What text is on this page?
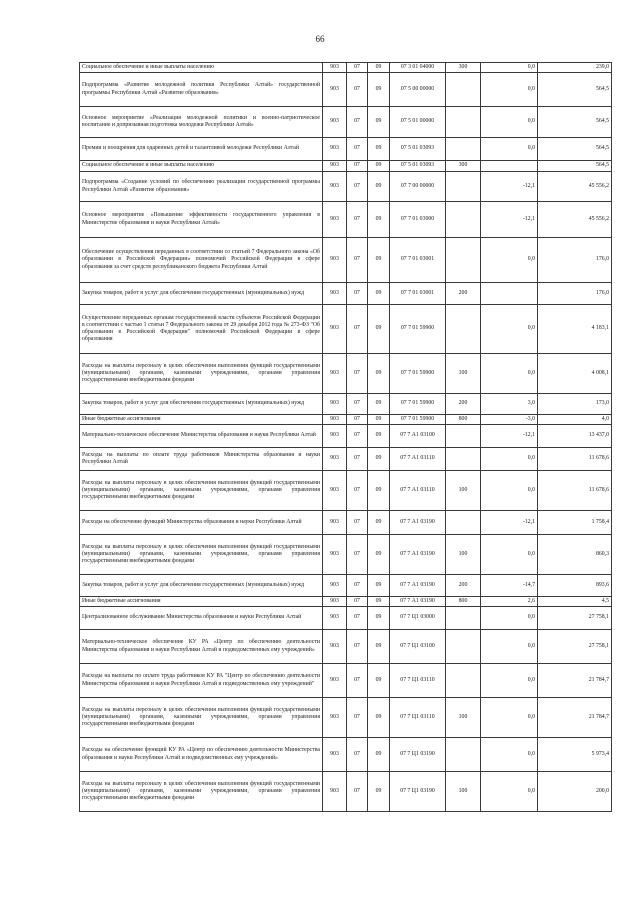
66
Социальное обеспечение и иные выплаты населению	903	07	09	07 3 01 04000	300	0,0	239,0
Подпрограмма «Развитие молодежной политики Республики Алтай» государственной программы Республики Алтай «Развитие образования»	903	07	09	07 5 00 00000		0,0	564,5
Основное мероприятие «Реализация молодежной политики и военно-патриотическое воспитание и допризывная подготовка молодежи Республики Алтай»	903	07	09	07 5 01 00000		0,0	564,5
Премии и поощрения для одаренных детей и талантливой молодежи Республики Алтай	903	07	09	07 5 01 03093		0,0	564,5
Социальное обеспечение и иные выплаты населению	903	07	09	07 5 01 03093	300		564,5
Подпрограмма «Создание условий по обеспечению реализации государственной программы Республики Алтай «Развитие образования»	903	07	09	07 7 00 00000		-12,1	45 556,2
Основное мероприятие «Повышение эффективности государственного управления в Министерстве образования и науки Республики Алтай»	903	07	09	07 7 01 03000		-12,1	45 556,2
Обеспечение осуществления переданных в соответствии со статьей 7 Федерального закона «Об образовании в Российской Федерации» полномочий Российской Федерации в сфере образования за счет средств республиканского бюджета Республики Алтай	903	07	09	07 7 01 03001		0,0	176,0
Закупка товаров, работ и услуг для обеспечения государственных (муниципальных) нужд	903	07	09	07 7 01 03001	200		176,0
Осуществление переданных органам государственной власти субъектов Российской Федерации в соответствии с частью 1 статьи 7 Федерального закона от 29 декабря 2012 года № 273-ФЗ "Об образовании в Российской Федерации" полномочий Российской Федерации в сфере образования	903	07	09	07 7 01 59900		0,0	4 183,1
Расходы на выплаты персоналу в целях обеспечения выполнения функций государственными (муниципальными) органами, казенными учреждениями, органами управления государственными внебюджетными фондами	903	07	09	07 7 01 59900	100	0,0	4 008,1
Закупка товаров, работ и услуг для обеспечения государственных (муниципальных) нужд	903	07	09	07 7 01 59900	200	3,0	173,0
Иные бюджетные ассигнования	903	07	09	07 7 01 59900	800	-3,0	4,0
Материально-техническое обеспечение Министерства образования и науки Республики Алтай	903	07	09	07 7 А1 03100		-12,1	13 437,0
Расходы на выплаты по оплате труда работников Министерства образования и науки Республики Алтай	903	07	09	07 7 А1 03110		0,0	11 678,6
Расходы на выплаты персоналу в целях обеспечения выполнения функций государственными (муниципальными) органами, казенными учреждениями, органами управления государственными внебюджетными фондами	903	07	09	07 7 А1 03110	100	0,0	11 678,6
Расходы на обеспечение функций Министерства образования и науки Республики Алтай	903	07	09	07 7 А1 03190		-12,1	1 758,4
Расходы на выплаты персоналу в целях обеспечения выполнения функций государственными (муниципальными) органами, казенными учреждениями, органами управления государственными внебюджетными фондами	903	07	09	07 7 А1 03190	100	0,0	860,3
Закупка товаров, работ и услуг для обеспечения государственных (муниципальных) нужд	903	07	09	07 7 А1 03190	200	-14,7	893,6
Иные бюджетные ассигнования	903	07	09	07 7 А1 03190	800	2,6	4,5
Централизованное обслуживание Министерства образования и науки Республики Алтай	903	07	09	07 7 Ц1 03000		0,0	27 758,1
Материально-техническое обеспечение КУ РА «Центр по обеспечению деятельности Министерства образования и науки Республики Алтай и подведомственных ему учреждений»	903	07	09	07 7 Ц1 03100		0,0	27 758,1
Расходы на выплаты по оплате труда работников КУ РА "Центр по обеспечению деятельности Министерства образования и науки Республики Алтай и подведомственных ему учреждений"	903	07	09	07 7 Ц1 03110		0,0	21 784,7
Расходы на выплаты персоналу в целях обеспечения выполнения функций государственными (муниципальными) органами, казенными учреждениями, органами управления государственными внебюджетными фондами	903	07	09	07 7 Ц1 03110	100	0,0	21 784,7
Расходы на обеспечение функций КУ РА «Центр по обеспечению деятельности Министерства образования и науки Республики Алтай и подведомственных ему учреждений»	903	07	09	07 7 Ц1 03190		0,0	5 973,4
Расходы на выплаты персоналу в целях обеспечения выполнения функций государственными (муниципальными) органами, казенными учреждениями, органами управления государственными внебюджетными фондами	903	07	09	07 7 Ц1 03190	100	0,0	200,0
